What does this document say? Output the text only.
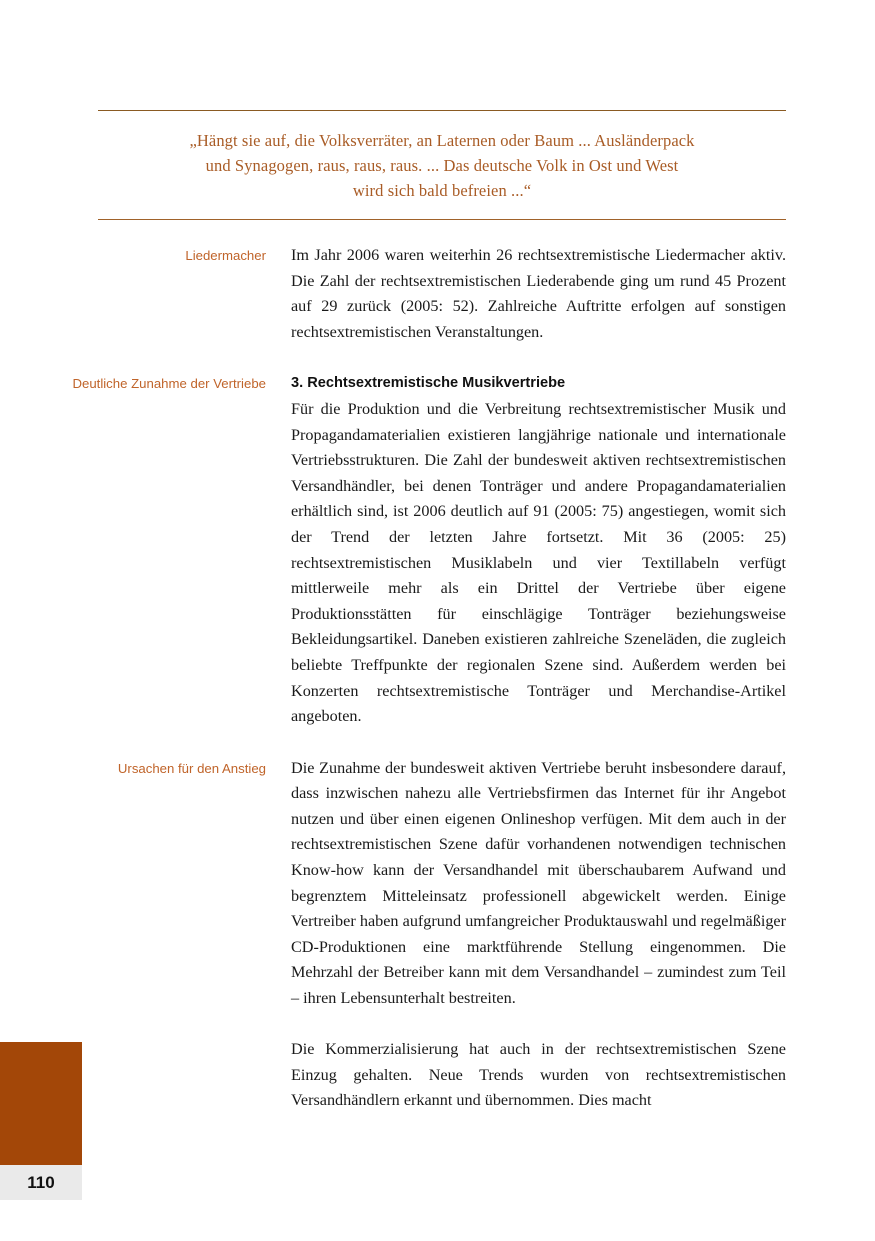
„Hängt sie auf, die Volksverräter, an Laternen oder Baum ... Ausländerpack
und Synagogen, raus, raus, raus. ... Das deutsche Volk in Ost und West
wird sich bald befreien ...“
Liedermacher Im Jahr 2006 waren weiterhin 26 rechtsextremistische Liedermacher aktiv. Die Zahl der rechtsextremistischen Liederabende ging um rund 45 Prozent auf 29 zurück (2005: 52). Zahlreiche Auftritte erfolgen auf sonstigen rechtsextremistischen Veranstaltungen.

Deutliche Zunahme der Vertriebe 3. Rechtsextremistische Musikvertriebe

Für die Produktion und die Verbreitung rechtsextremistischer Musik und Propagandamaterialien existieren langjährige nationale und internationale Vertriebsstrukturen. Die Zahl der bundesweit aktiven rechtsextremistischen Versandhändler, bei denen Tonträger und andere Propagandamaterialien erhältlich sind, ist 2006 deutlich auf 91 (2005: 75) angestiegen, womit sich der Trend der letzten Jahre fortsetzt. Mit 36 (2005: 25) rechtsextremistischen Musiklabeln und vier Textillabeln verfügt mittlerweile mehr als ein Drittel der Vertriebe über eigene Produktionsstätten für einschlägige Tonträger beziehungsweise Bekleidungsartikel. Daneben existieren zahlreiche Szeneläden, die zugleich beliebte Treffpunkte der regionalen Szene sind. Außerdem werden bei Konzerten rechtsextremistische Tonträger und Merchandise-Artikel angeboten.

Ursachen für den Anstieg Die Zunahme der bundesweit aktiven Vertriebe beruht insbesondere darauf, dass inzwischen nahezu alle Vertriebsfirmen das Internet für ihr Angebot nutzen und über einen eigenen Onlineshop verfügen. Mit dem auch in der rechtsextremistischen Szene dafür vorhandenen notwendigen technischen Know-how kann der Versandhandel mit überschaubarem Aufwand und begrenztem Mitteleinsatz professionell abgewickelt werden. Einige Vertreiber haben aufgrund umfangreicher Produktauswahl und regelmäßiger CD-Produktionen eine marktführende Stellung eingenommen. Die Mehrzahl der Betreiber kann mit dem Versandhandel – zumindest zum Teil – ihren Lebensunterhalt bestreiten.

Die Kommerzialisierung hat auch in der rechtsextremistischen Szene Einzug gehalten. Neue Trends wurden von rechtsextremistischen Versandhändlern erkannt und übernommen. Dies macht

110
